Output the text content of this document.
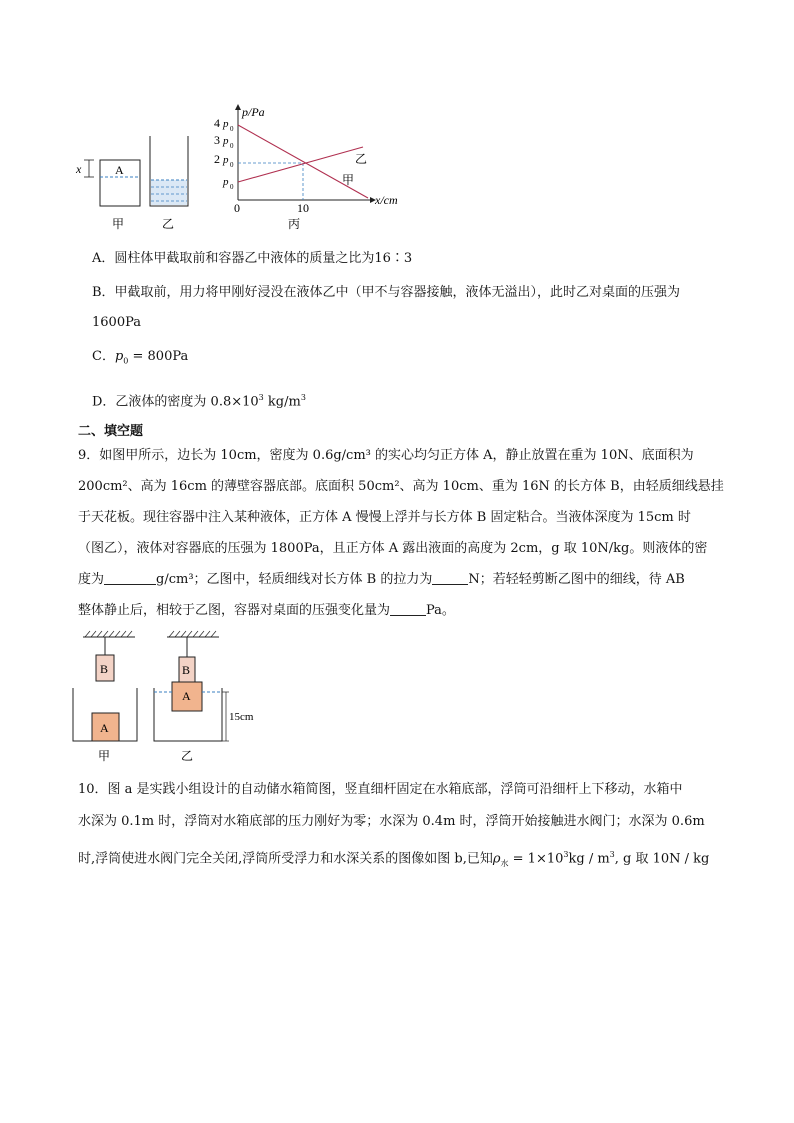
A
x
甲	乙
p/Pa
x/cm
0	10
4 p 0
3 p 0
2 p 0
p 0
乙
甲
丙
A．圆柱体甲截取前和容器乙中液体的质量之比为16∶3
B．甲截取前，用力将甲刚好浸没在液体乙中（甲不与容器接触，液体无溢出），此时乙对桌面的压强为
1600Pa
C．$p_0 = 800Pa$
D．乙液体的密度为 $0.8\times 10^3$ $kg/m^3$
二、填空题
9．如图甲所示，边长为 10cm，密度为 0.6g/cm³ 的实心均匀正方体 A，静止放置在重为 10N、底面积为
200cm²、高为 16cm 的薄壁容器底部。底面积 50cm²、高为 10cm、重为 16N 的长方体 B，由轻质细线悬挂
于天花板。现往容器中注入某种液体，正方体 A 慢慢上浮并与长方体 B 固定粘合。当液体深度为 15cm 时
（图乙），液体对容器底的压强为 1800Pa，且正方体 A 露出液面的高度为 2cm，g 取 10N/kg。则液体的密
度为	g/cm³；乙图中，轻质细线对长方体 B 的拉力为	N；若轻轻剪断乙图中的细线，待 AB
整体静止后，相较于乙图，容器对桌面的压强变化量为	Pa。
B
A
甲
B
A
15cm
乙
10．图 a 是实践小组设计的自动储水箱简图，竖直细杆固定在水箱底部，浮筒可沿细杆上下移动，水箱中
水深为 0.1m 时，浮筒对水箱底部的压力刚好为零；水深为 0.4m 时，浮筒开始接触进水阀门；水深为 0.6m
时,浮筒使进水阀门完全关闭,浮筒所受浮力和水深关系的图像如图 b,已知$\rho_水 = 1\times 10^3kg / m^3$, g 取 10N / kg
